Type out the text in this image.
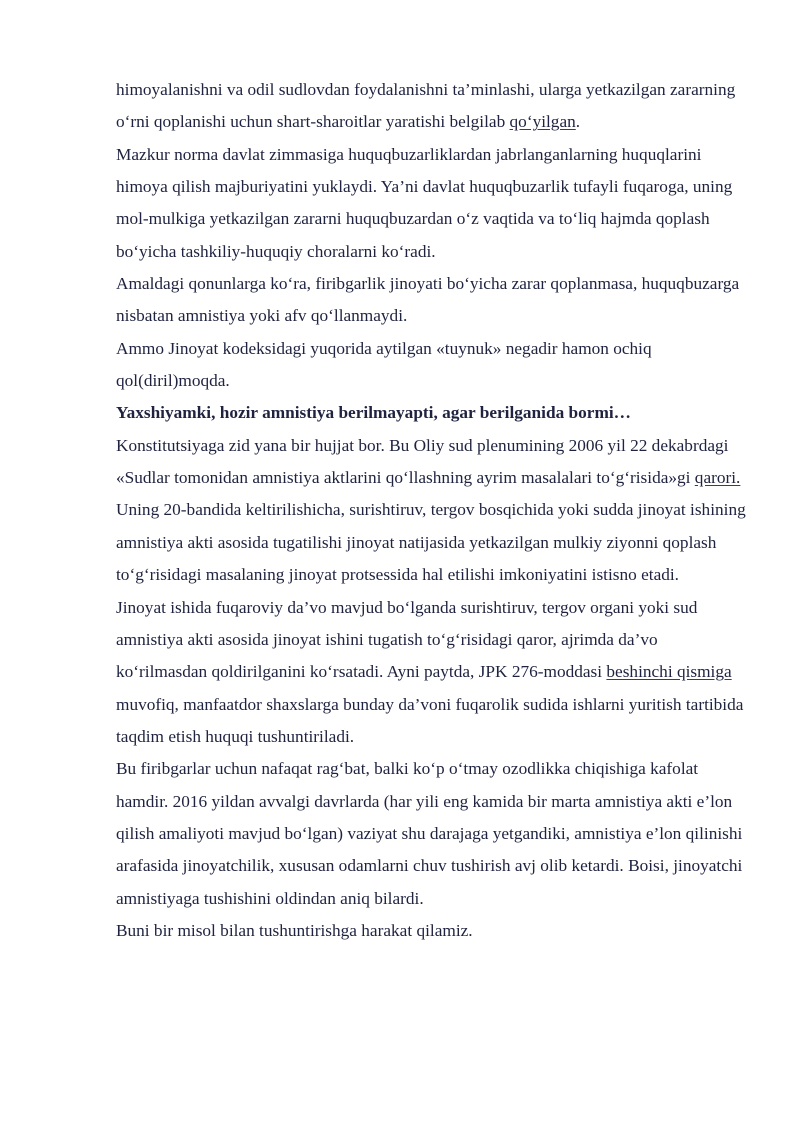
himoyalanishni va odil sudlovdan foydalanishni ta’minlashi, ularga yetkazilgan zararning o‘rni qoplanishi uchun shart-sharoitlar yaratishi belgilab qo‘yilgan.

Mazkur norma davlat zimmasiga huquqbuzarliklardan jabrlanganlarning huquqlarini himoya qilish majburiyatini yuklaydi. Ya’ni davlat huquqbuzarlik tufayli fuqaroga, uning mol-mulkiga yetkazilgan zararni huquqbuzardan o‘z vaqtida va to‘liq hajmda qoplash bo‘yicha tashkiliy-huquqiy choralarni ko‘radi.

Amaldagi qonunlarga ko‘ra, firibgarlik jinoyati bo‘yicha zarar qoplanmasa, huquqbuzarga nisbatan amnistiya yoki afv qo‘llanmaydi.

Ammo Jinoyat kodeksidagi yuqorida aytilgan «tuynuk» negadir hamon ochiq qol(diril)moqda.

Yaxshiyamki, hozir amnistiya berilmayapti, agar berilganida bormi…

Konstitutsiyaga zid yana bir hujjat bor. Bu Oliy sud plenumining 2006 yil 22 dekabrdagi «Sudlar tomonidan amnistiya aktlarini qo‘llashning ayrim masalalari to‘g‘risida»gi qarori. Uning 20-bandida keltirilishicha, surishtiruv, tergov bosqichida yoki sudda jinoyat ishining amnistiya akti asosida tugatilishi jinoyat natijasida yetkazilgan mulkiy ziyonni qoplash to‘g‘risidagi masalaning jinoyat protsessida hal etilishi imkoniyatini istisno etadi.

Jinoyat ishida fuqaroviy da’vo mavjud bo‘lganda surishtiruv, tergov organi yoki sud amnistiya akti asosida jinoyat ishini tugatish to‘g‘risidagi qaror, ajrimda da’vo ko‘rilmasdan qoldirilganini ko‘rsatadi. Ayni paytda, JPK 276-moddasi beshinchi qismiga muvofiq, manfaatdor shaxslarga bunday da’voni fuqarolik sudida ishlarni yuritish tartibida taqdim etish huquqi tushuntiriladi.

Bu firibgarlar uchun nafaqat rag‘bat, balki ko‘p o‘tmay ozodlikka chiqishiga kafolat hamdir. 2016 yildan avvalgi davrlarda (har yili eng kamida bir marta amnistiya akti e’lon qilish amaliyoti mavjud bo‘lgan) vaziyat shu darajaga yetgandiki, amnistiya e’lon qilinishi arafasida jinoyatchilik, xususan odamlarni chuv tushirish avj olib ketardi. Boisi, jinoyatchi amnistiyaga tushishini oldindan aniq bilardi.

Buni bir misol bilan tushuntirishga harakat qilamiz.
